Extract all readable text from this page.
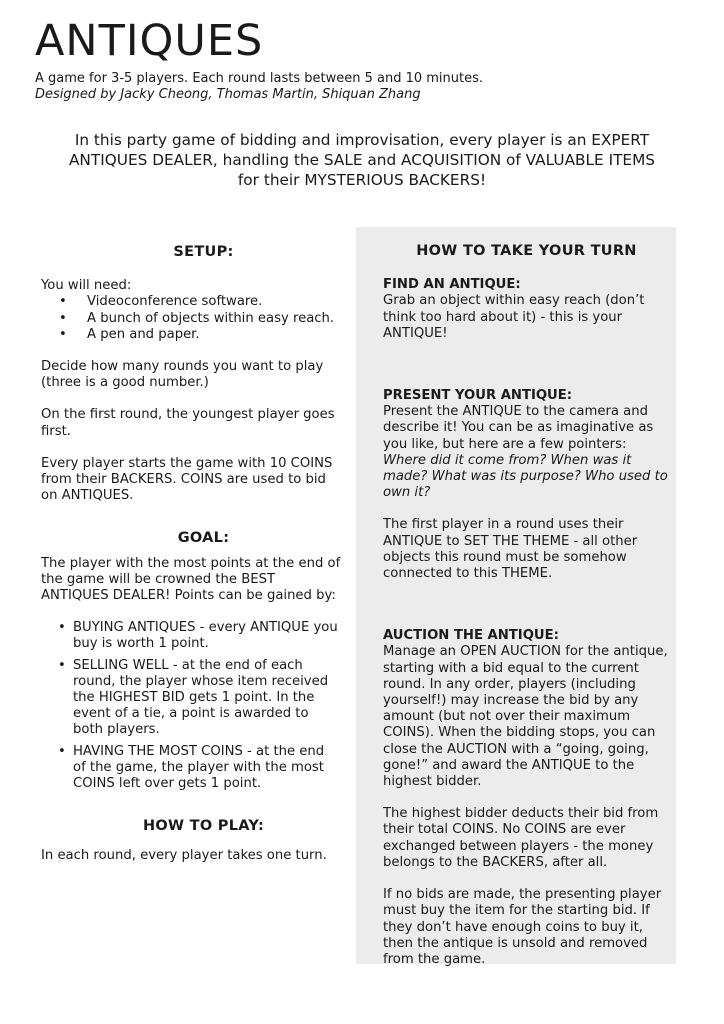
ANTIQUES
A game for 3-5 players. Each round lasts between 5 and 10 minutes.
Designed by Jacky Cheong, Thomas Martin, Shiquan Zhang
In this party game of bidding and improvisation, every player is an EXPERT ANTIQUES DEALER, handling the SALE and ACQUISITION of VALUABLE ITEMS for their MYSTERIOUS BACKERS!
SETUP:

You will need:

• Videoconference software.
•	A bunch of objects within easy reach.
• A pen and paper.

Decide how many rounds you want to play (three is a good number.)

On the first round, the youngest player goes first.

Every player starts the game with 10 COINS from their BACKERS. COINS are used to bid on ANTIQUES.

GOAL:

The player with the most points at the end of the game will be crowned the BEST ANTIQUES DEALER! Points can be gained by:

• BUYING ANTIQUES - every ANTIQUE you buy is worth 1 point.
• SELLING WELL - at the end of each round, the player whose item received the HIGHEST BID gets 1 point. In the event of a tie, a point is awarded to both players.
• HAVING THE MOST COINS - at the end of the game, the player with the most COINS left over gets 1 point.
HOW TO PLAY:

In each round, every player takes one turn.

HOW TO TAKE YOUR TURN

FIND AN ANTIQUE:

Grab an object within easy reach (don’t think too hard about it) - this is your ANTIQUE!

PRESENT YOUR ANTIQUE:

Present the ANTIQUE to the camera and describe it! You can be as imaginative as you like, but here are a few pointers: Where did it come from? When was it made? What was its purpose? Who used to own it?

The first player in a round uses their ANTIQUE to SET THE THEME - all other objects this round must be somehow connected to this THEME.

AUCTION THE ANTIQUE:

Manage an OPEN AUCTION for the antique, starting with a bid equal to the current round. In any order, players (including yourself!) may increase the bid by any amount (but not over their maximum COINS). When the bidding stops, you can close the AUCTION with a “going, going, gone!” and award the ANTIQUE to the highest bidder.

The highest bidder deducts their bid from their total COINS. No COINS are ever exchanged between players - the money belongs to the BACKERS, after all.

If no bids are made, the presenting player must buy the item for the starting bid. If they don’t have enough coins to buy it, then the antique is unsold and removed from the game.
